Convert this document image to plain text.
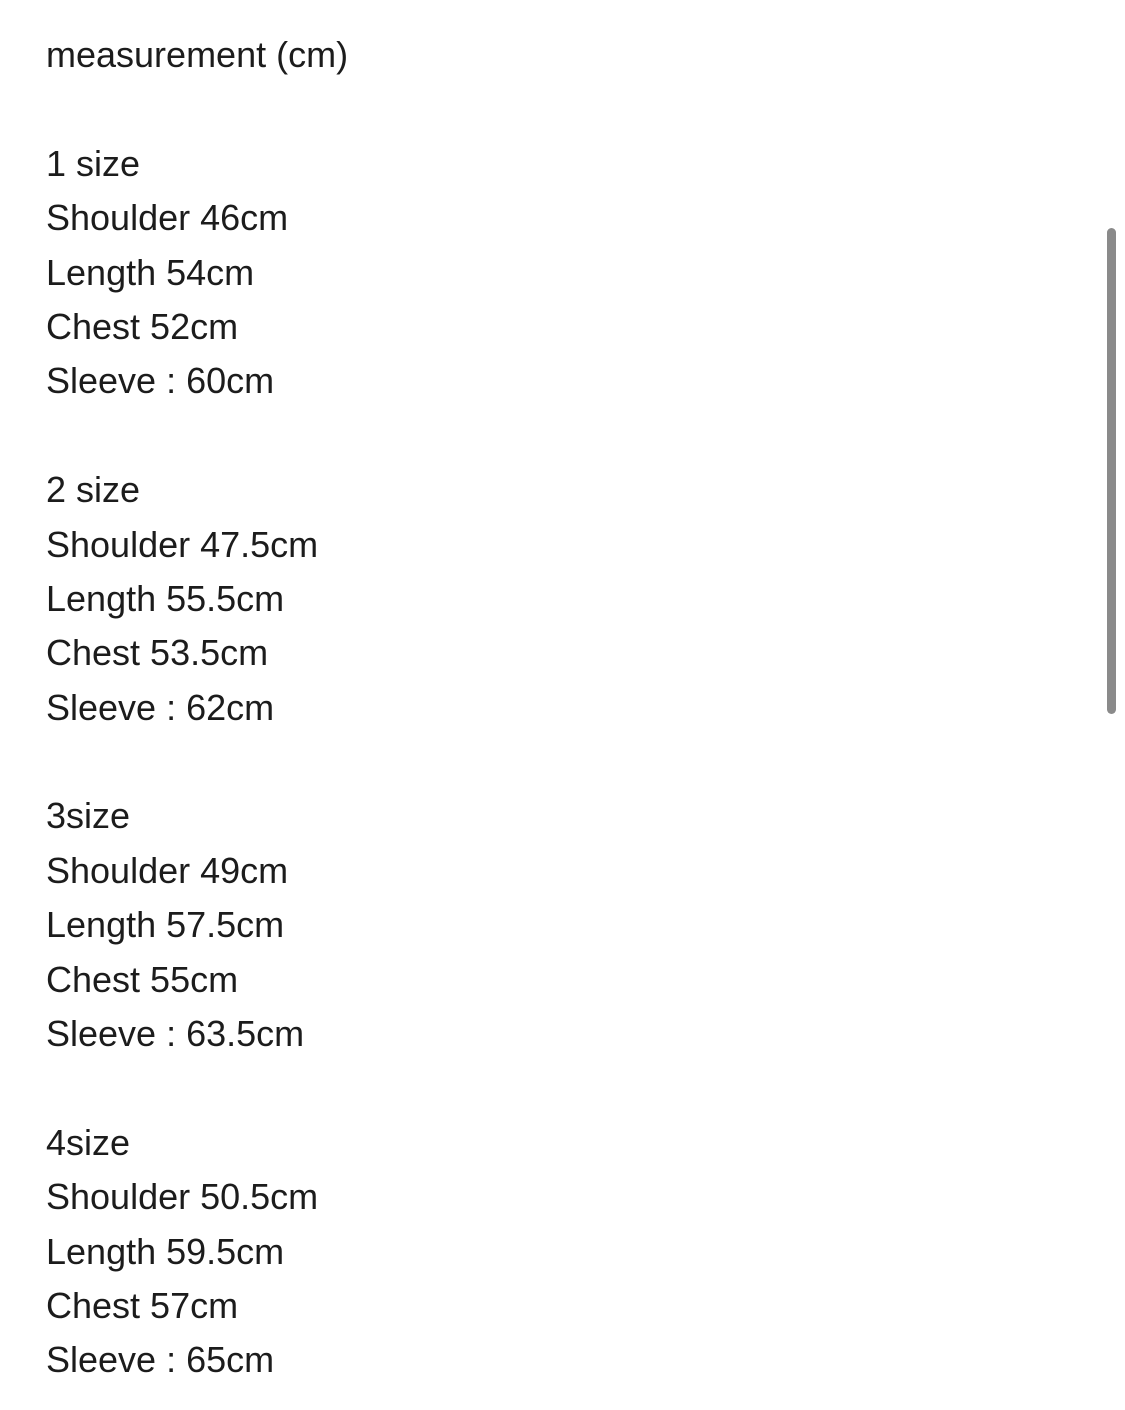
measurement (cm)
1 size
Shoulder 46cm
Length 54cm
Chest 52cm
Sleeve : 60cm
2 size
Shoulder 47.5cm
Length 55.5cm
Chest 53.5cm
Sleeve : 62cm
3size
Shoulder 49cm
Length 57.5cm
Chest 55cm
Sleeve : 63.5cm
4size
Shoulder 50.5cm
Length 59.5cm
Chest 57cm
Sleeve : 65cm
